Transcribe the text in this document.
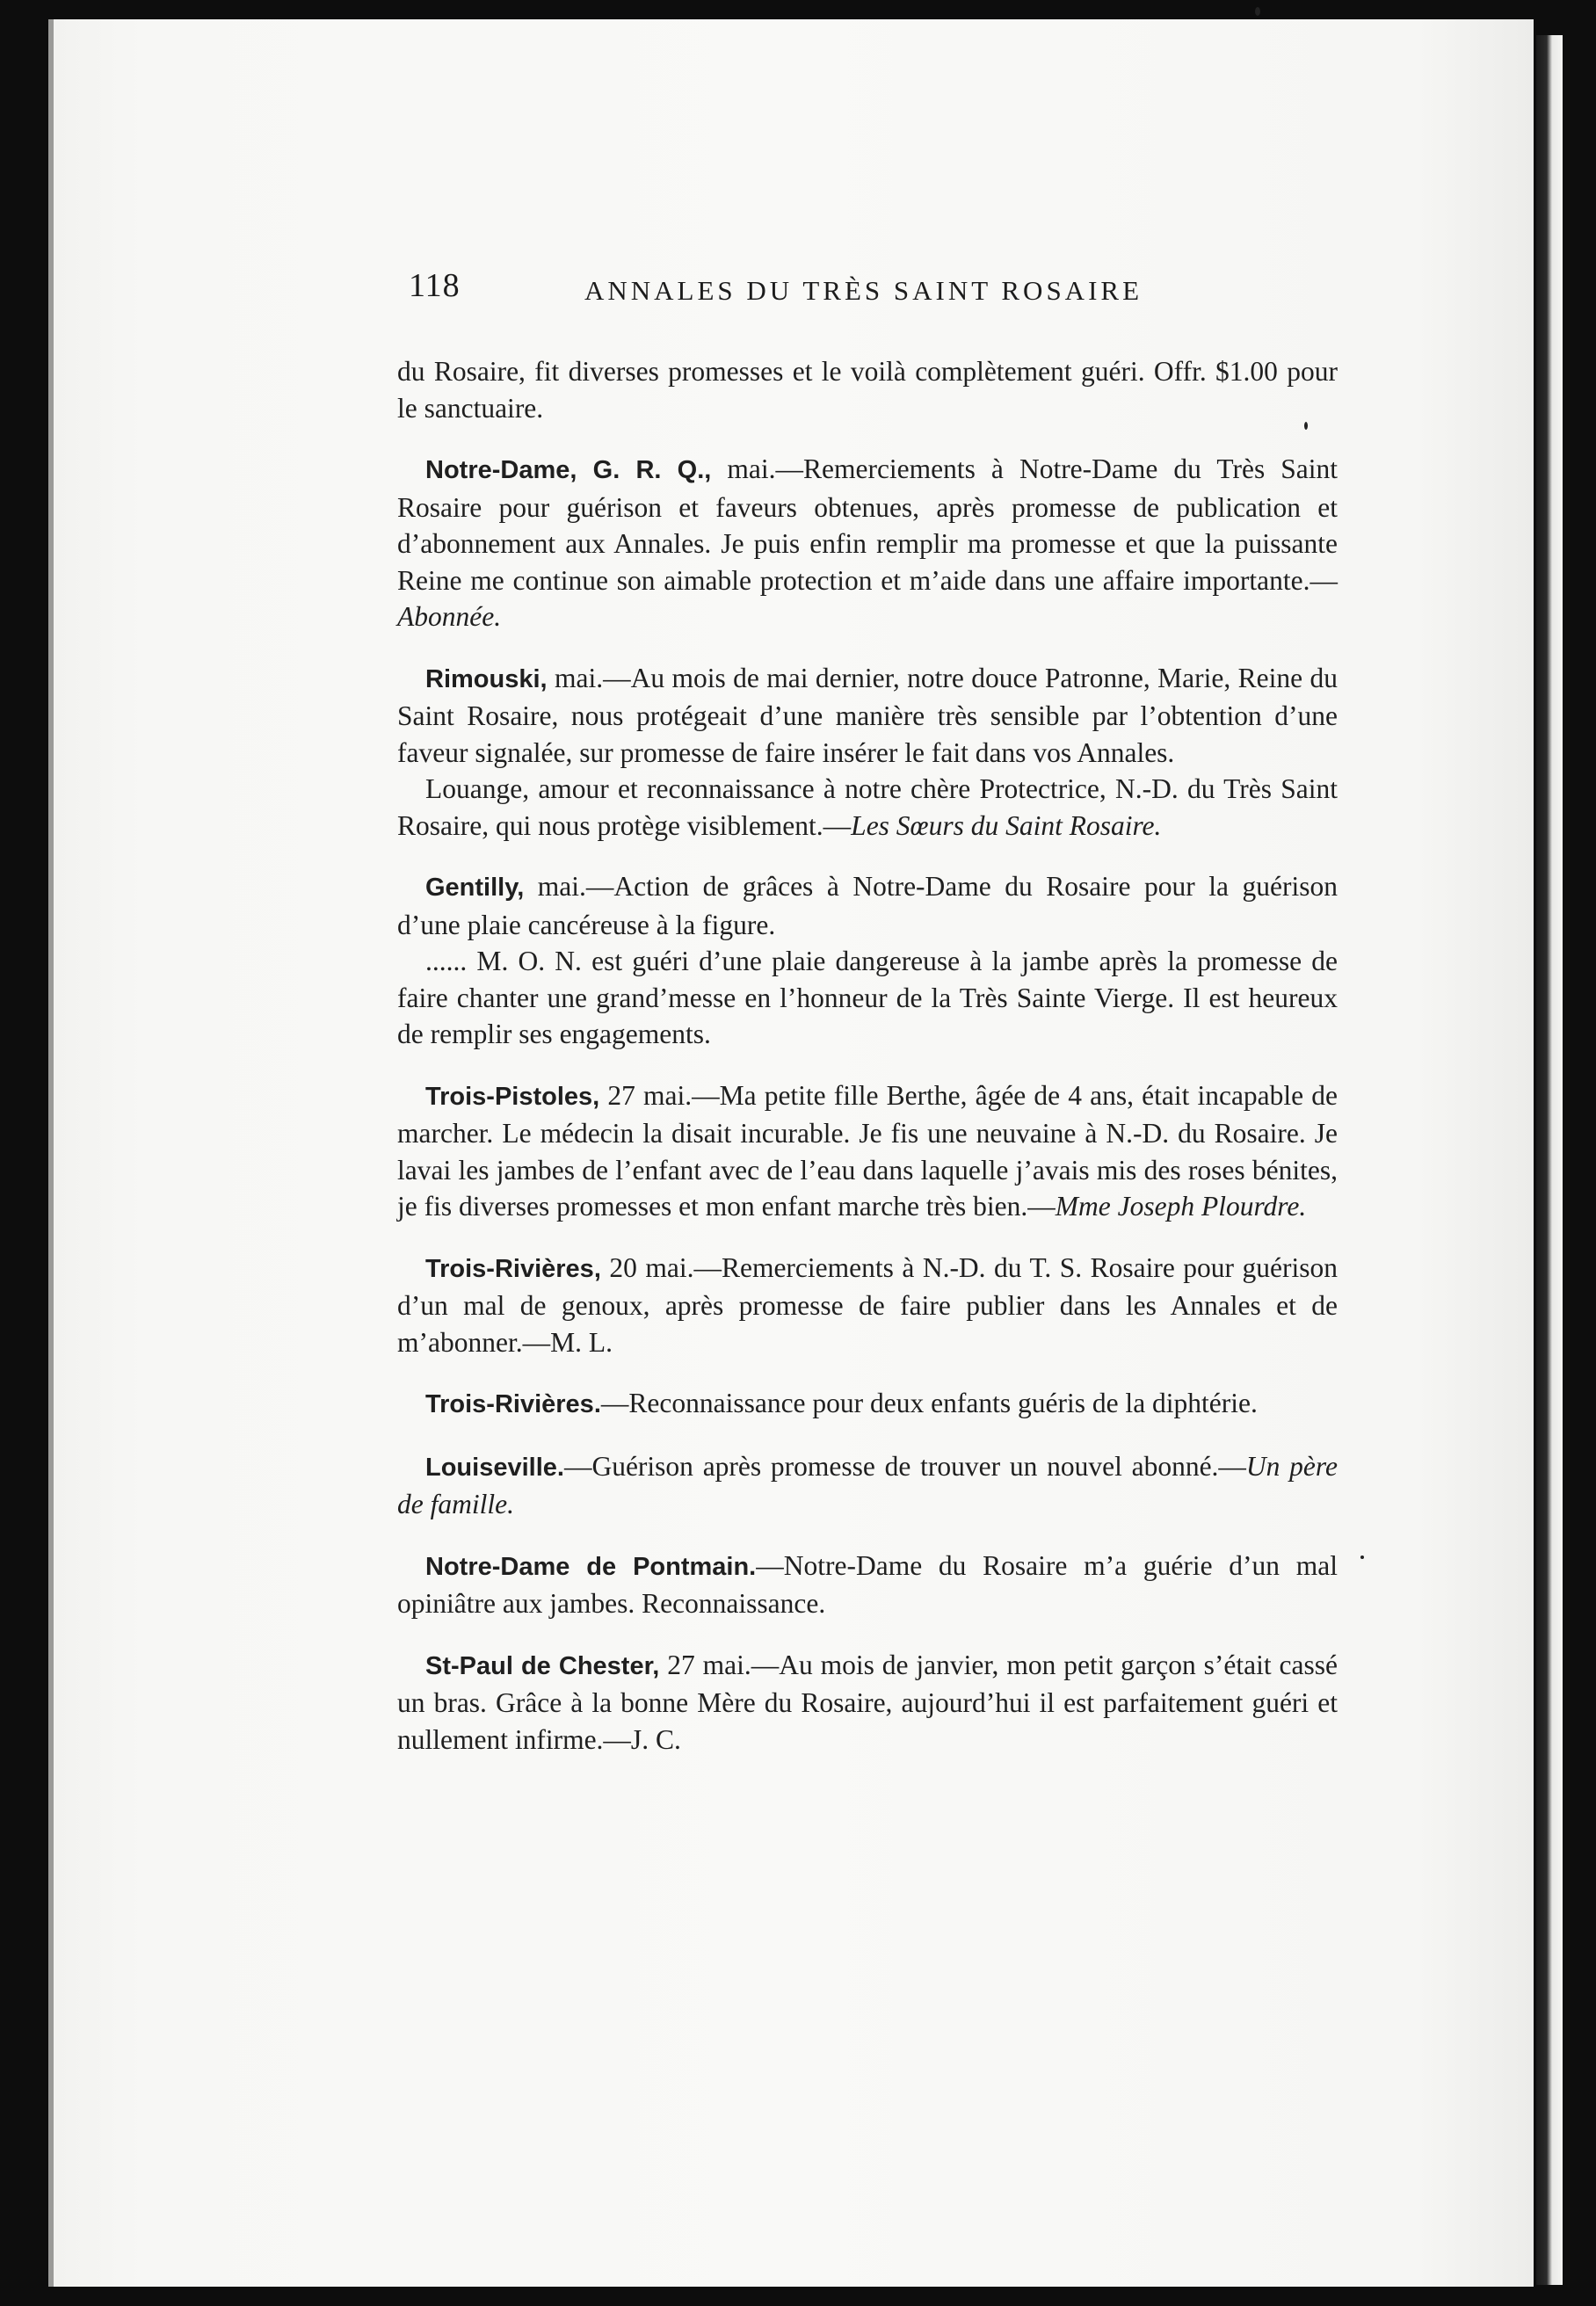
118	ANNALES DU TRÈS SAINT ROSAIRE

du Rosaire, fit diverses promesses et le voilà complètement guéri. Offr. $1.00 pour le sanctuaire.

Notre-Dame, G. R. Q., mai.—Remerciements à Notre-Dame du Très Saint Rosaire pour guérison et faveurs obtenues, après promesse de publication et d’abonnement aux Annales. Je puis enfin remplir ma promesse et que la puissante Reine me continue son aimable protection et m’aide dans une affaire importante.—Abonnée.

Rimouski, mai.—Au mois de mai dernier, notre douce Patronne, Marie, Reine du Saint Rosaire, nous protégeait d’une manière très sensible par l’obtention d’une faveur signalée, sur promesse de faire insérer le fait dans vos Annales.

Louange, amour et reconnaissance à notre chère Protectrice, N.-D. du Très Saint Rosaire, qui nous protège visiblement.—Les Sœurs du Saint Rosaire.

Gentilly, mai.—Action de grâces à Notre-Dame du Rosaire pour la guérison d’une plaie cancéreuse à la figure.

...... M. O. N. est guéri d’une plaie dangereuse à la jambe après la promesse de faire chanter une grand’messe en l’honneur de la Très Sainte Vierge. Il est heureux de remplir ses engagements.

Trois-Pistoles, 27 mai.—Ma petite fille Berthe, âgée de 4 ans, était incapable de marcher. Le médecin la disait incurable. Je fis une neuvaine à N.-D. du Rosaire. Je lavai les jambes de l’enfant avec de l’eau dans laquelle j’avais mis des roses bénites, je fis diverses promesses et mon enfant marche très bien.—Mme Joseph Plourdre.

Trois-Rivières, 20 mai.—Remerciements à N.-D. du T. S. Rosaire pour guérison d’un mal de genoux, après promesse de faire publier dans les Annales et de m’abonner.—M. L.

Trois-Rivières.—Reconnaissance pour deux enfants guéris de la diphtérie.

Louiseville.—Guérison après promesse de trouver un nouvel abonné.—Un père de famille.

Notre-Dame de Pontmain.—Notre-Dame du Rosaire m’a guérie d’un mal opiniâtre aux jambes. Reconnaissance.

St-Paul de Chester, 27 mai.—Au mois de janvier, mon petit garçon s’était cassé un bras. Grâce à la bonne Mère du Rosaire, aujourd’hui il est parfaitement guéri et nullement infirme.—J. C.
